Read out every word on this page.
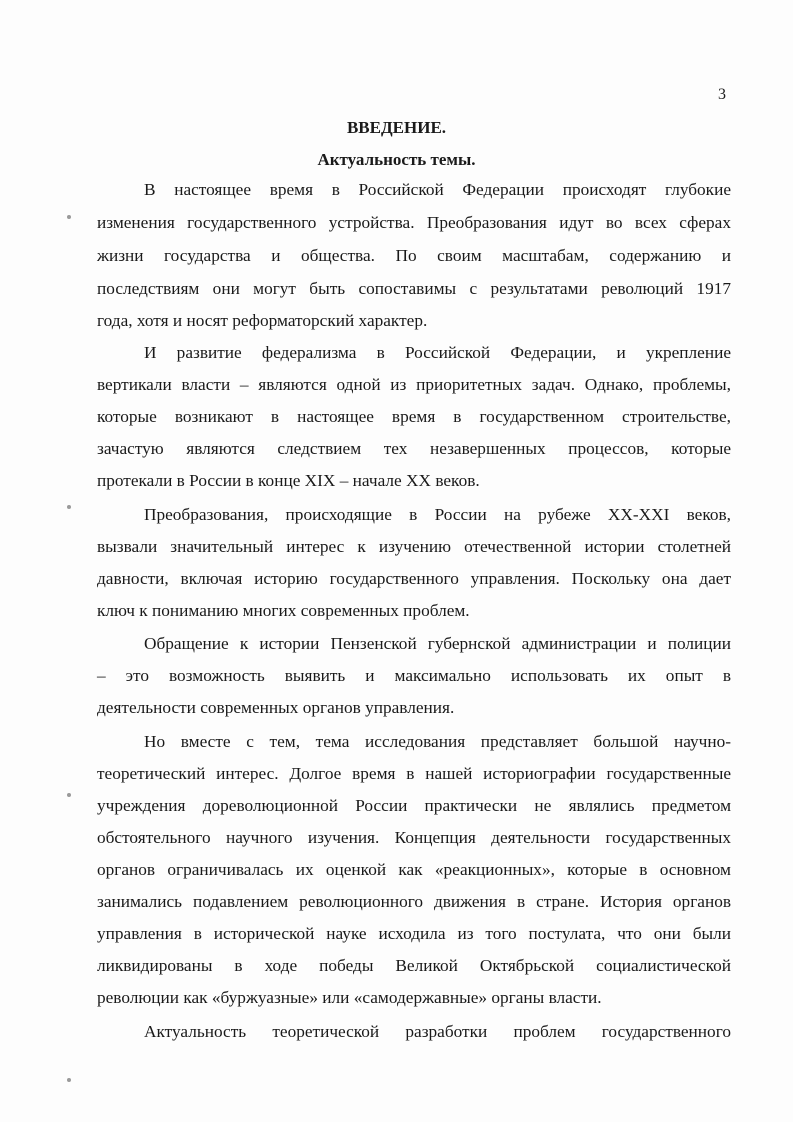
3
ВВЕДЕНИЕ.
Актуальность темы.
В настоящее время в Российской Федерации происходят глубокие
изменения государственного устройства. Преобразования идут во всех сферах
жизни государства и общества. По своим масштабам, содержанию и
последствиям они могут быть сопоставимы с результатами революций 1917
года, хотя и носят реформаторский характер.
И развитие федерализма в Российской Федерации, и укрепление
вертикали власти – являются одной из приоритетных задач. Однако, проблемы,
которые возникают в настоящее время в государственном строительстве,
зачастую являются следствием тех незавершенных процессов, которые
протекали в России в конце XIX – начале XX веков.
Преобразования, происходящие в России на рубеже XX-XXI веков,
вызвали значительный интерес к изучению отечественной истории столетней
давности, включая историю государственного управления. Поскольку она дает
ключ к пониманию многих современных проблем.
Обращение к истории Пензенской губернской администрации и полиции
– это возможность выявить и максимально использовать их опыт в
деятельности современных органов управления.
Но вместе с тем, тема исследования представляет большой научно-
теоретический интерес. Долгое время в нашей историографии государственные
учреждения дореволюционной России практически не являлись предметом
обстоятельного научного изучения. Концепция деятельности государственных
органов ограничивалась их оценкой как «реакционных», которые в основном
занимались подавлением революционного движения в стране. История органов
управления в исторической науке исходила из того постулата, что они были
ликвидированы в ходе победы Великой Октябрьской социалистической
революции как «буржуазные» или «самодержавные» органы власти.
Актуальность теоретической разработки проблем государственного
